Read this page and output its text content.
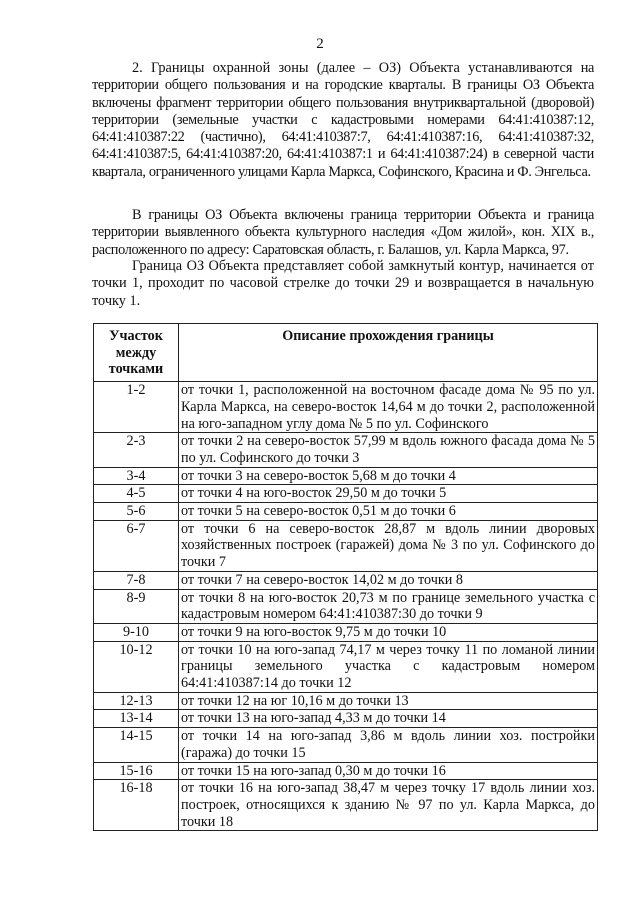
2

2. Границы охранной зоны (далее – ОЗ) Объекта устанавливаются на территории общего пользования и на городские кварталы. В границы ОЗ Объекта включены фрагмент территории общего пользования внутриквартальной (дворовой) территории (земельные участки с кадастровыми номерами 64:41:410387:12, 64:41:410387:22 (частично), 64:41:410387:7, 64:41:410387:16, 64:41:410387:32, 64:41:410387:5, 64:41:410387:20, 64:41:410387:1 и 64:41:410387:24) в северной части квартала, ограниченного улицами Карла Маркса, Софинского, Красина и Ф. Энгельса.

В границы ОЗ Объекта включены граница территории Объекта и граница территории выявленного объекта культурного наследия «Дом жилой», кон. XIX в., расположенного по адресу: Саратовская область, г. Балашов, ул. Карла Маркса, 97.

Граница ОЗ Объекта представляет собой замкнутый контур, начинается от точки 1, проходит по часовой стрелке до точки 29 и возвращается в начальную точку 1.

Участок между точками	Описание прохождения границы
1-2	от точки 1, расположенной на восточном фасаде дома № 95 по ул. Карла Маркса, на северо-восток 14,64 м до точки 2, расположенной на юго-западном углу дома № 5 по ул. Софинского
2-3	от точки 2 на северо-восток 57,99 м вдоль южного фасада дома № 5 по ул. Софинского до точки 3
3-4	от точки 3 на северо-восток 5,68 м до точки 4
4-5	от точки 4 на юго-восток 29,50 м до точки 5
5-6	от точки 5 на северо-восток 0,51 м до точки 6
6-7	от точки 6 на северо-восток 28,87 м вдоль линии дворовых хозяйственных построек (гаражей) дома № 3 по ул. Софинского до точки 7
7-8	от точки 7 на северо-восток 14,02 м до точки 8
8-9	от точки 8 на юго-восток 20,73 м по границе земельного участка с кадастровым номером 64:41:410387:30 до точки 9
9-10	от точки 9 на юго-восток 9,75 м до точки 10
10-12	от точки 10 на юго-запад 74,17 м через точку 11 по ломаной линии границы земельного участка с кадастровым номером 64:41:410387:14 до точки 12
12-13	от точки 12 на юг 10,16 м до точки 13
13-14	от точки 13 на юго-запад 4,33 м до точки 14
14-15	от точки 14 на юго-запад 3,86 м вдоль линии хоз. постройки (гаража) до точки 15
15-16	от точки 15 на юго-запад 0,30 м до точки 16
16-18	от точки 16 на юго-запад 38,47 м через точку 17 вдоль линии хоз. построек, относящихся к зданию № 97 по ул. Карла Маркса, до точки 18
